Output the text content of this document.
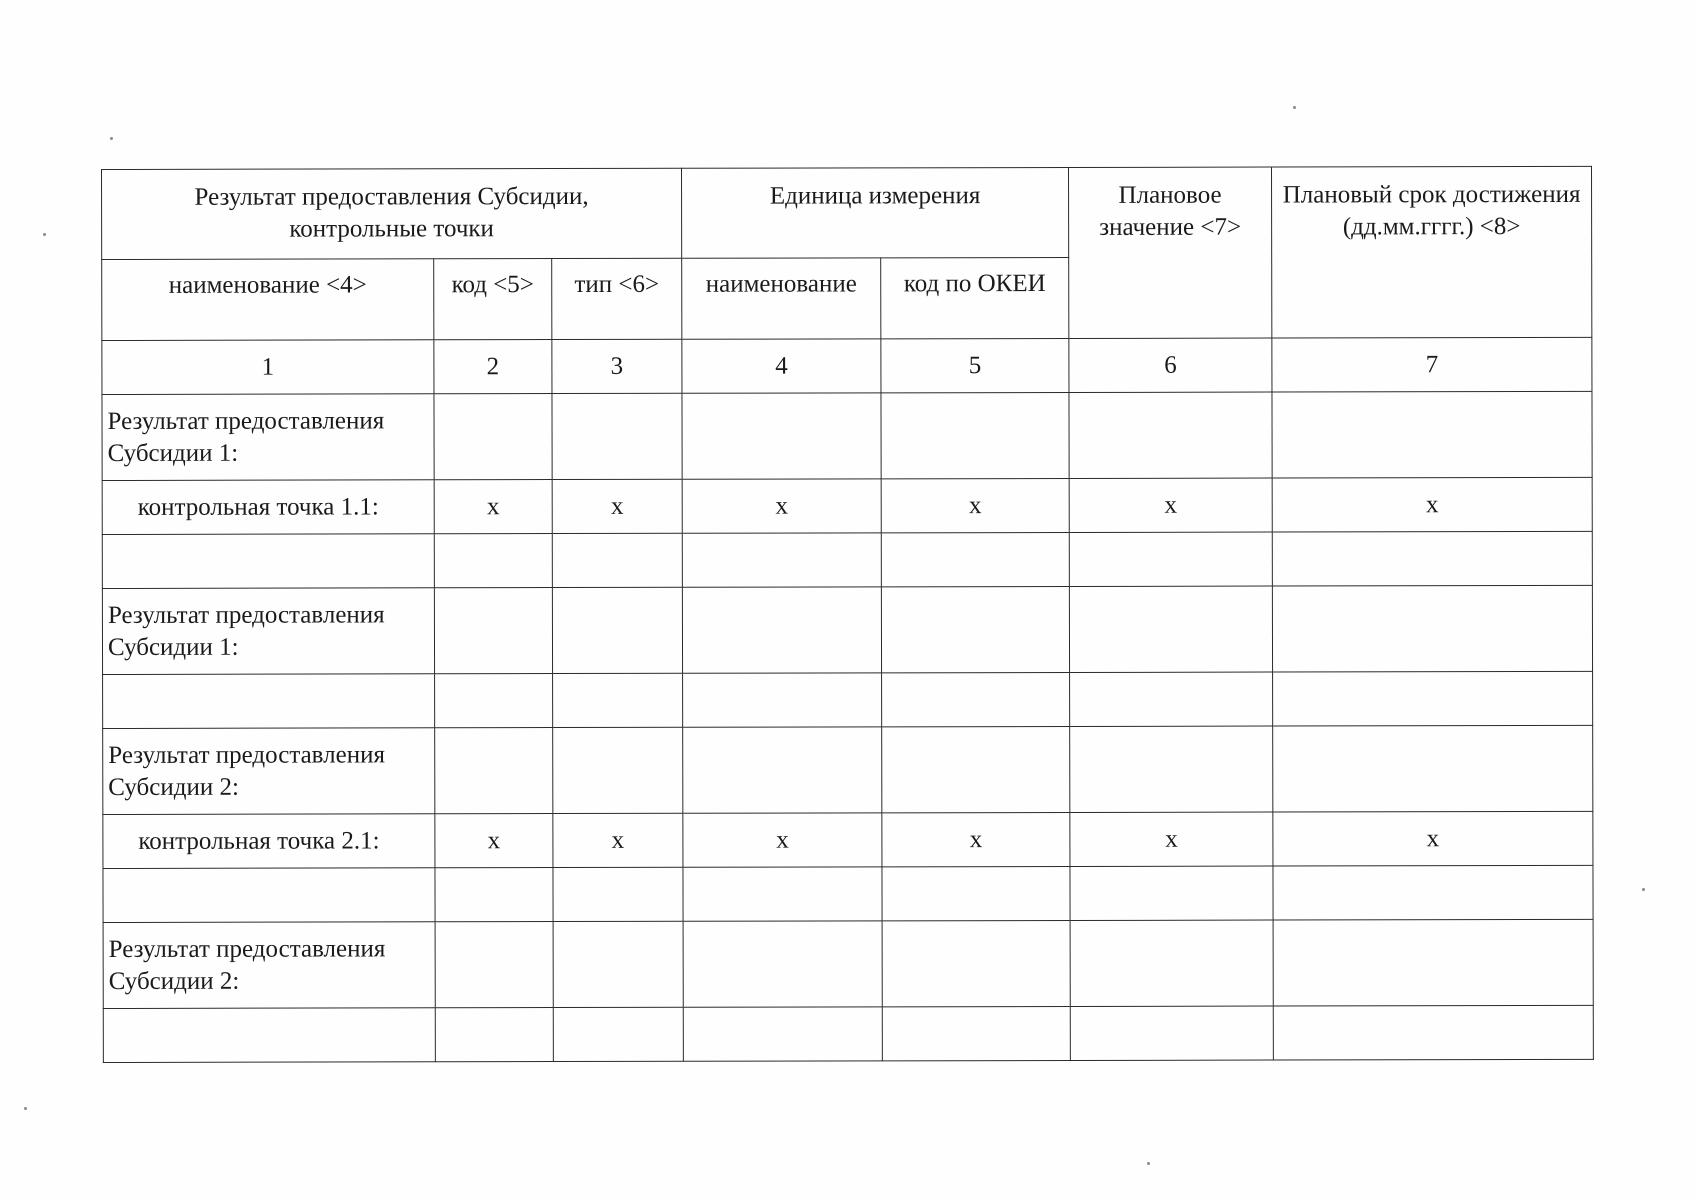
Результат предоставления Субсидии, контрольные точки			Единица измерения		Плановое значение <7>	Плановый срок достижения (дд.мм.гггг.) <8>
наименование <4>	код <5>	тип <6>	наименование	код по ОКЕИ		
1	2	3	4	5	6	7

Результат предоставления
Субсидии 1:						

контрольная точка 1.1:	x	x	x	x	x	x

Результат предоставления
Субсидии 1:						

Результат предоставления
Субсидии 2:						

контрольная точка 2.1:	x	x	x	x	x	x

Результат предоставления
Субсидии 2:						
